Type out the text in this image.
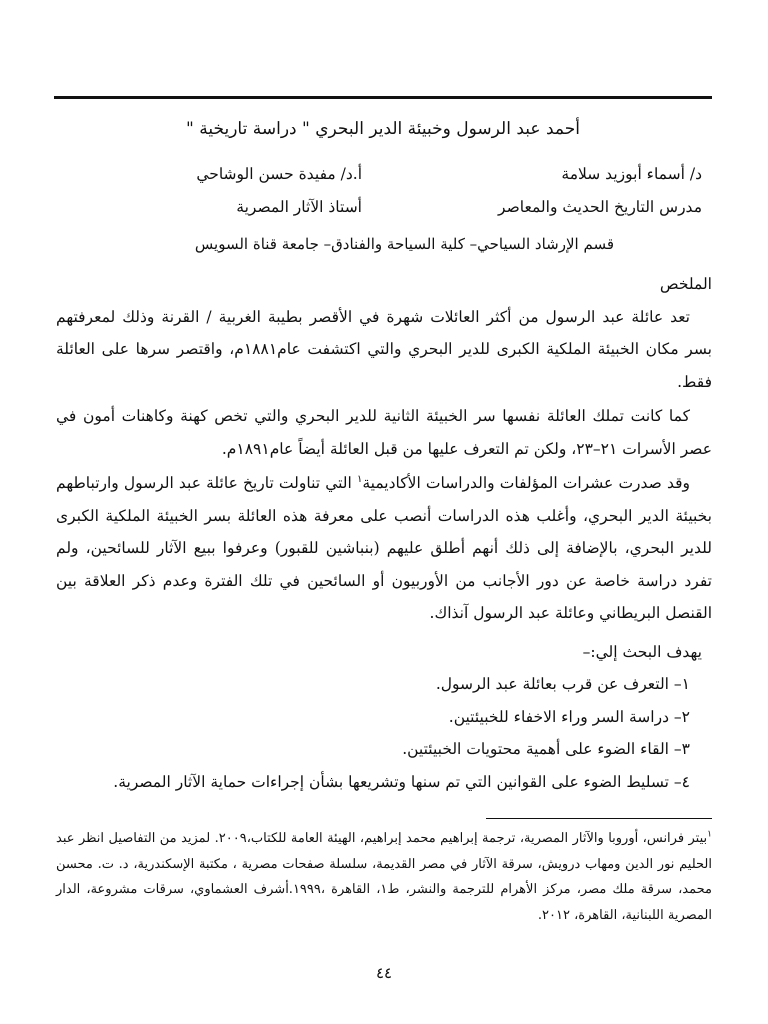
أحمد عبد الرسول وخبيئة الدير البحري " دراسة تاريخية "
د/ أسماء أبوزيد سلامة
أ.د/ مفيدة حسن الوشاحي
مدرس التاريخ الحديث والمعاصر
أستاذ الآثار المصرية
قسم الإرشاد السياحي– كلية السياحة والفنادق– جامعة قناة السويس

الملخص

تعد عائلة عبد الرسول من أكثر العائلات شهرة في الأقصر بطيبة الغربية / القرنة وذلك لمعرفتهم بسر مكان الخبيئة الملكية الكبرى للدير البحري والتي اكتشفت عام١٨٨١م، واقتصر سرها على العائلة فقط.

كما كانت تملك العائلة نفسها سر الخبيئة الثانية للدير البحري والتي تخص كهنة وكاهنات أمون في عصر الأسرات ٢١–٢٣، ولكن تم التعرف عليها من قبل العائلة أيضاً عام١٨٩١م.

وقد صدرت عشرات المؤلفات والدراسات الأكاديمية$^١$ التي تناولت تاريخ عائلة عبد الرسول وارتباطهم بخبيئة الدير البحري، وأغلب هذه الدراسات أنصب على معرفة هذه العائلة بسر الخبيئة الملكية الكبرى للدير البحري، بالإضافة إلى ذلك أنهم أطلق عليهم (بنباشين للقبور) وعرفوا ببيع الآثار للسائحين، ولم تفرد دراسة خاصة عن دور الأجانب من الأوربيون أو السائحين في تلك الفترة وعدم ذكر العلاقة بين القنصل البريطاني وعائلة عبد الرسول آنذاك.

يهدف البحث إلي:–

١– التعرف عن قرب بعائلة عبد الرسول.
٢– دراسة السر وراء الاخفاء للخبيئتين.
٣– القاء الضوء على أهمية محتويات الخبيئتين.
٤– تسليط الضوء على القوانين التي تم سنها وتشريعها بشأن إجراءات حماية الآثار المصرية.
$^١$بيتر فرانس، أوروبا والآثار المصرية، ترجمة إبراهيم محمد إبراهيم، الهيئة العامة للكتاب،٢٠٠٩. لمزيد من التفاصيل انظر عبد الحليم نور الدين ومهاب درويش، سرقة الآثار في مصر القديمة، سلسلة صفحات مصرية ، مكتبة الإسكندرية، د. ت. محسن محمد، سرقة ملك مصر، مركز الأهرام للترجمة والنشر، ط١، القاهرة ،١٩٩٩.أشرف العشماوي، سرقات مشروعة، الدار المصرية اللبنانية، القاهرة، ٢٠١٢.
٤٤
